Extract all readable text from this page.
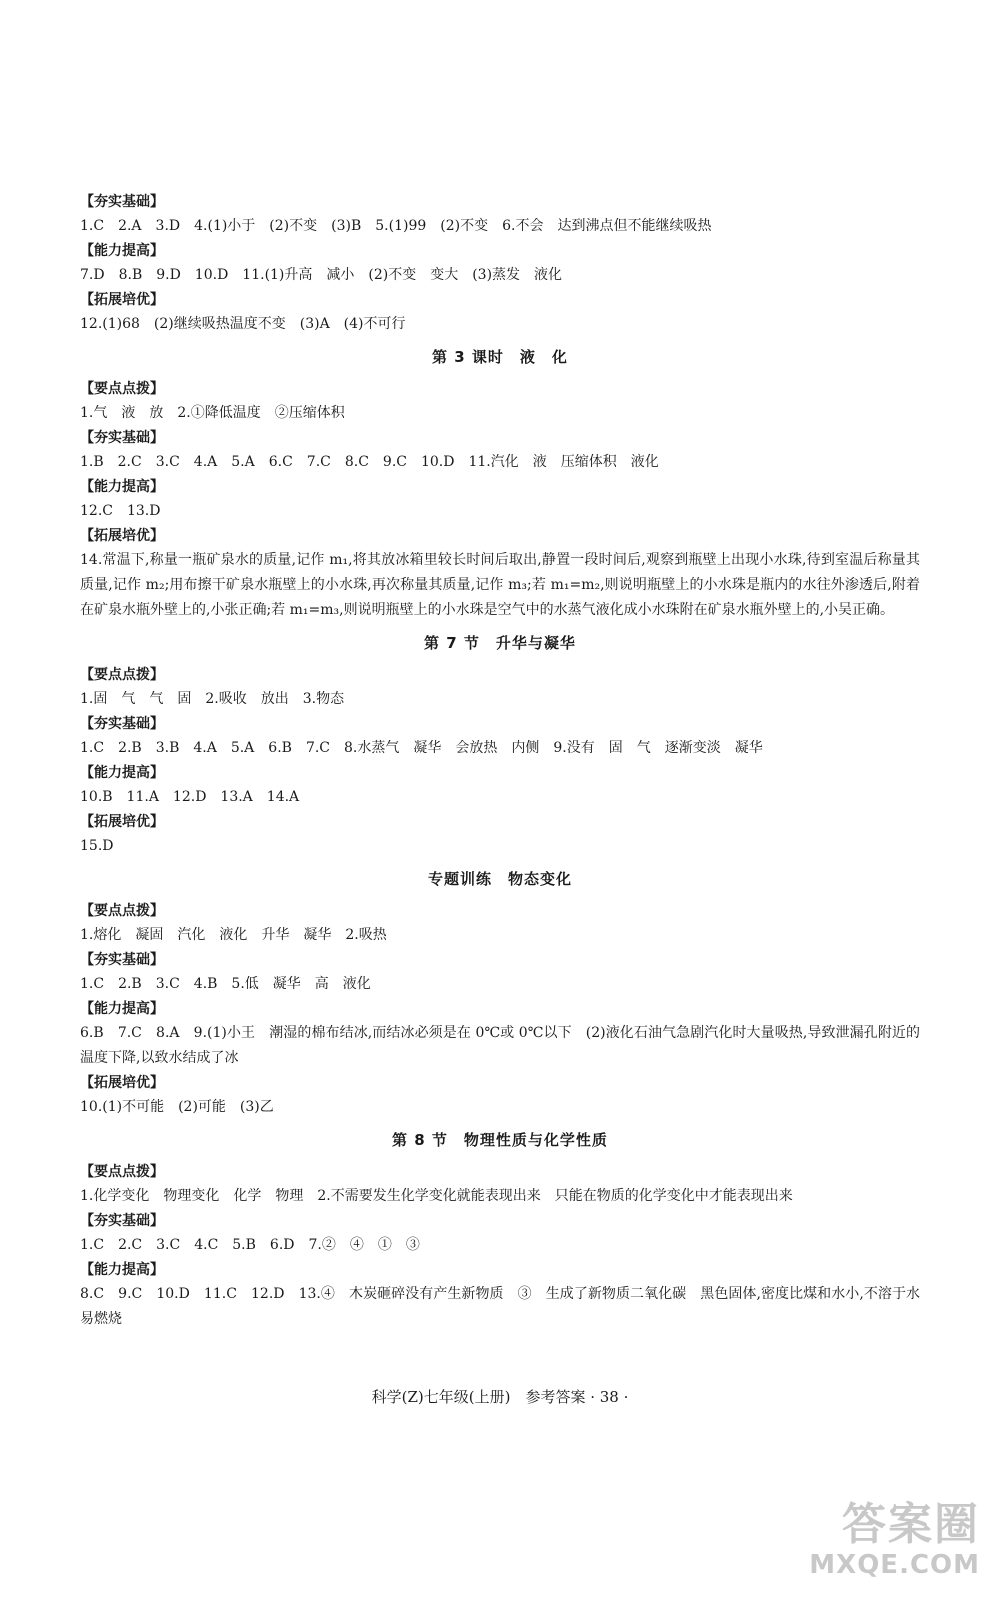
【夯实基础】
1.C　2.A　3.D　4.(1)小于　(2)不变　(3)B　5.(1)99　(2)不变　6.不会　达到沸点但不能继续吸热
【能力提高】
7.D　8.B　9.D　10.D　11.(1)升高　减小　(2)不变　变大　(3)蒸发　液化
【拓展培优】
12.(1)68　(2)继续吸热温度不变　(3)A　(4)不可行
第 3 课时　液　化
【要点点拨】
1.气　液　放　2.①降低温度　②压缩体积
【夯实基础】
1.B　2.C　3.C　4.A　5.A　6.C　7.C　8.C　9.C　10.D　11.汽化　液　压缩体积　液化
【能力提高】
12.C　13.D
【拓展培优】
14.常温下,称量一瓶矿泉水的质量,记作 m₁,将其放冰箱里较长时间后取出,静置一段时间后,观察到瓶壁上出现小水珠,待到室温后称量其质量,记作 m₂;用布擦干矿泉水瓶壁上的小水珠,再次称量其质量,记作 m₃;若 m₁=m₂,则说明瓶壁上的小水珠是瓶内的水往外渗透后,附着在矿泉水瓶外壁上的,小张正确;若 m₁=m₃,则说明瓶壁上的小水珠是空气中的水蒸气液化成小水珠附在矿泉水瓶外壁上的,小吴正确。
第 7 节　升华与凝华
【要点点拨】
1.固　气　气　固　2.吸收　放出　3.物态
【夯实基础】
1.C　2.B　3.B　4.A　5.A　6.B　7.C　8.水蒸气　凝华　会放热　内侧　9.没有　固　气　逐渐变淡　凝华
【能力提高】
10.B　11.A　12.D　13.A　14.A
【拓展培优】
15.D
专题训练　物态变化
【要点点拨】
1.熔化　凝固　汽化　液化　升华　凝华　2.吸热
【夯实基础】
1.C　2.B　3.C　4.B　5.低　凝华　高　液化
【能力提高】
6.B　7.C　8.A　9.(1)小王　潮湿的棉布结冰,而结冰必须是在 0℃或 0℃以下　(2)液化石油气急剧汽化时大量吸热,导致泄漏孔附近的温度下降,以致水结成了冰
【拓展培优】
10.(1)不可能　(2)可能　(3)乙
第 8 节　物理性质与化学性质
【要点点拨】
1.化学变化　物理变化　化学　物理　2.不需要发生化学变化就能表现出来　只能在物质的化学变化中才能表现出来
【夯实基础】
1.C　2.C　3.C　4.C　5.B　6.D　7.②　④　①　③
【能力提高】
8.C　9.C　10.D　11.C　12.D　13.④　木炭砸碎没有产生新物质　③　生成了新物质二氧化碳　黑色固体,密度比煤和水小,不溶于水　易燃烧
科学(Z)七年级(上册)　参考答案 · 38 ·
答案圈
MXQE.COM
